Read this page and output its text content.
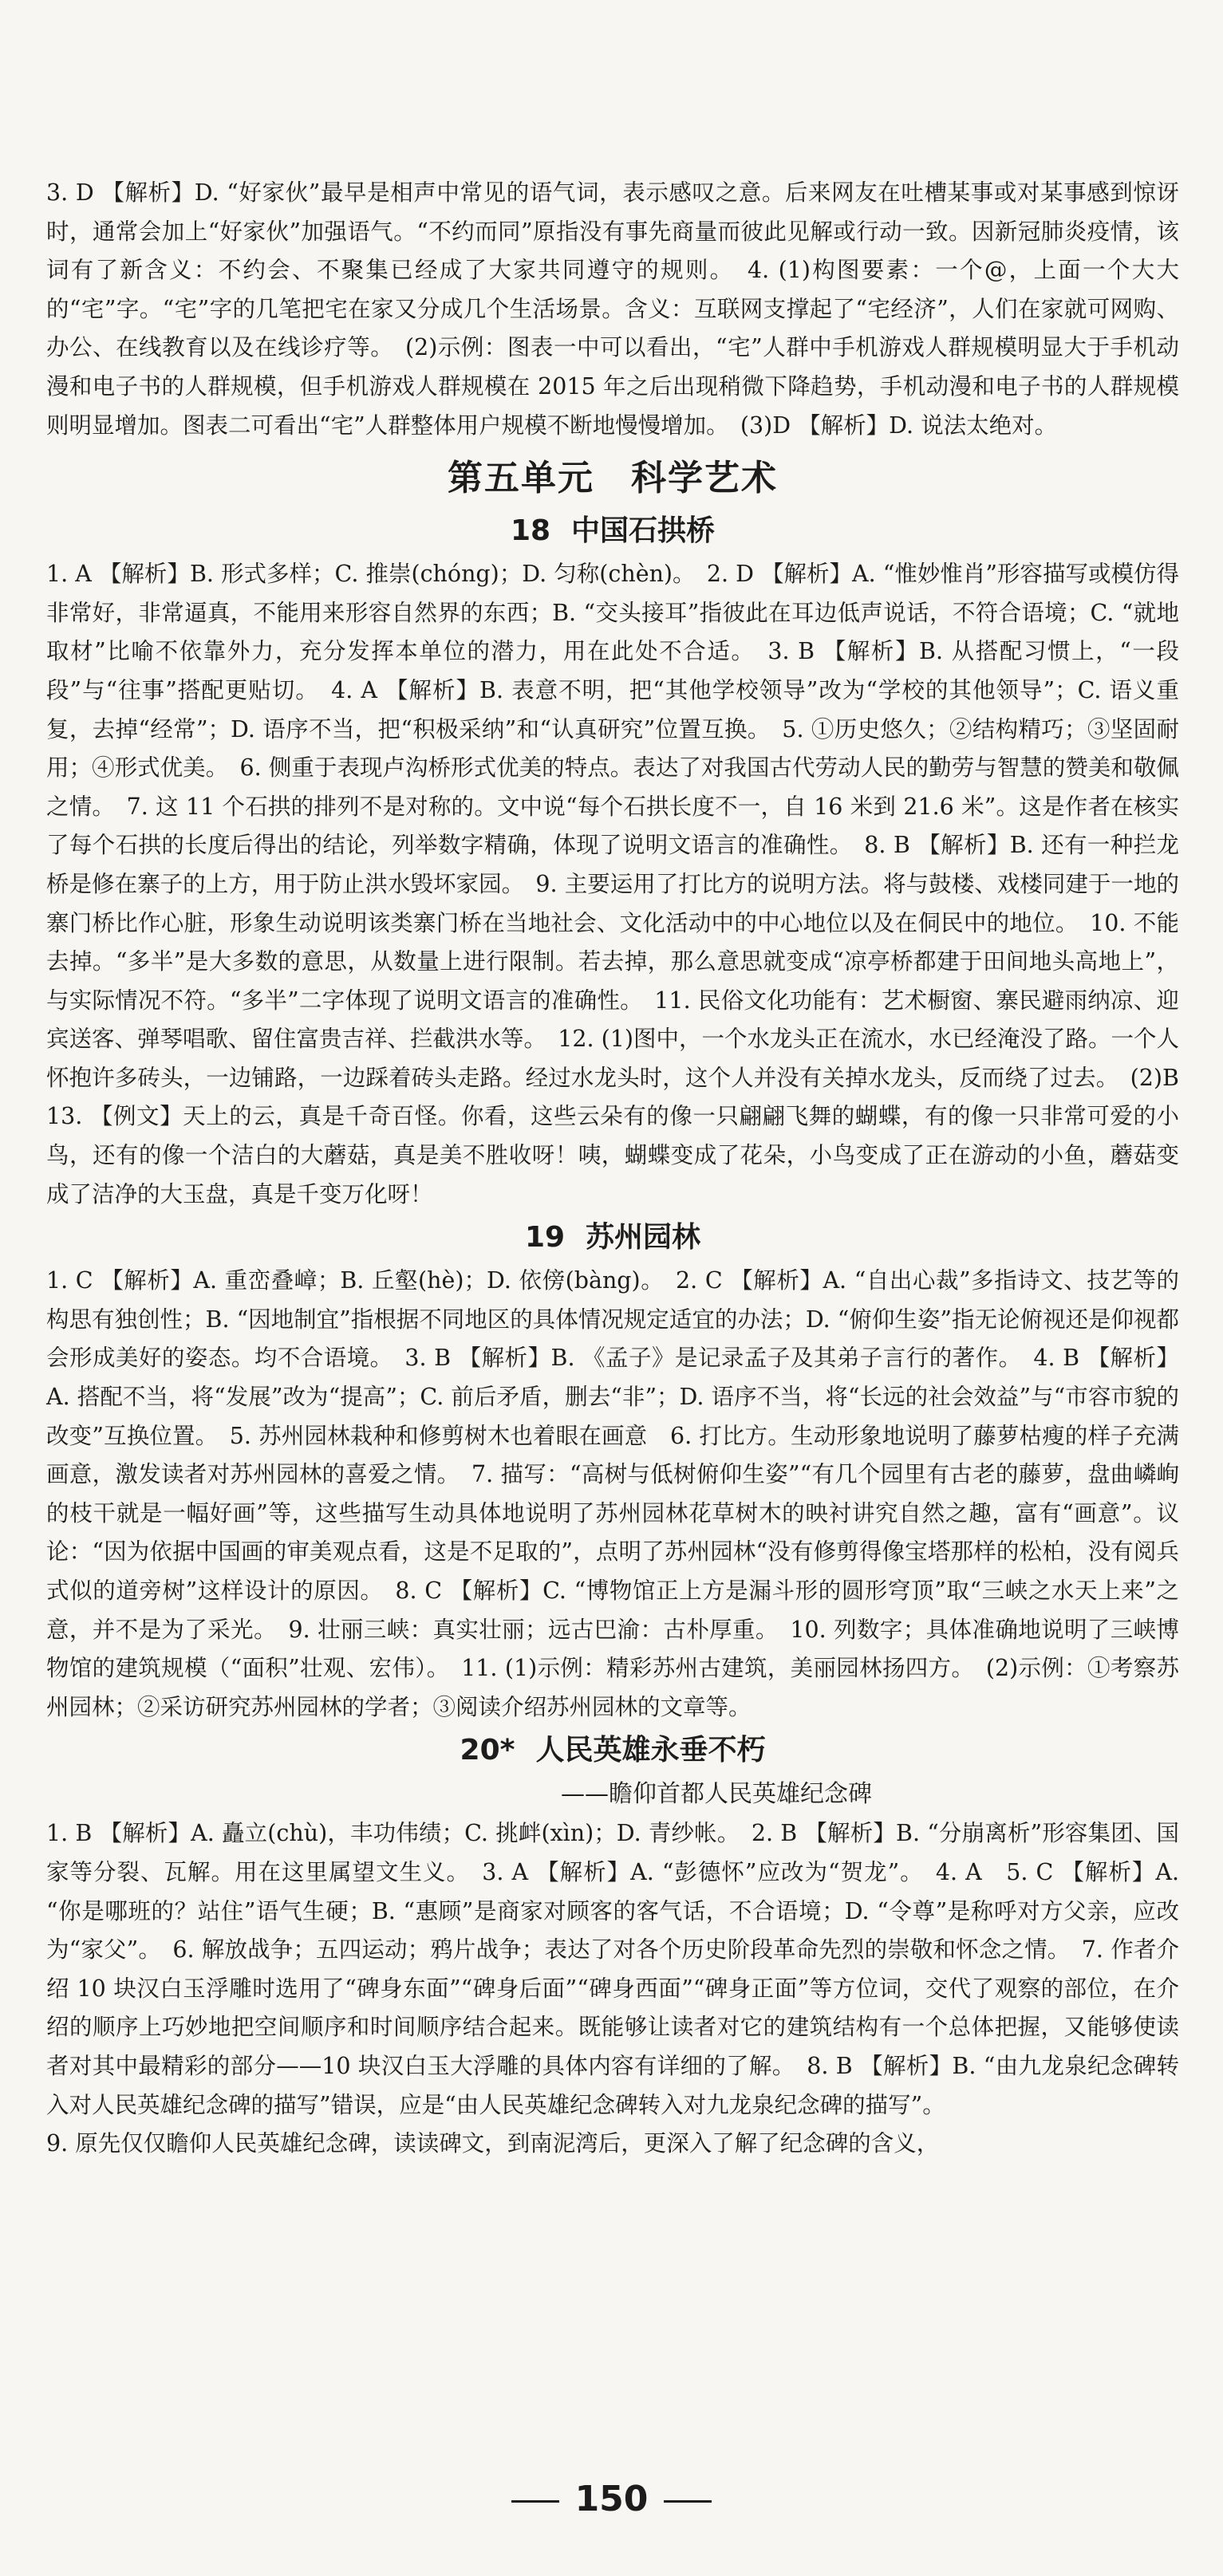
3. D 【解析】D. “好家伙”最早是相声中常见的语气词，表示感叹之意。后来网友在吐槽某事或对某事感到惊讶时，通常会加上“好家伙”加强语气。“不约而同”原指没有事先商量而彼此见解或行动一致。因新冠肺炎疫情，该词有了新含义：不约会、不聚集已经成了大家共同遵守的规则。　4. (1)构图要素：一个@，上面一个大大的“宅”字。“宅”字的几笔把宅在家又分成几个生活场景。含义：互联网支撑起了“宅经济”，人们在家就可网购、办公、在线教育以及在线诊疗等。　(2)示例：图表一中可以看出，“宅”人群中手机游戏人群规模明显大于手机动漫和电子书的人群规模，但手机游戏人群规模在 2015 年之后出现稍微下降趋势，手机动漫和电子书的人群规模则明显增加。图表二可看出“宅”人群整体用户规模不断地慢慢增加。　(3)D 【解析】D. 说法太绝对。

第五单元　科学艺术
18 中国石拱桥

1. A 【解析】B. 形式多样；C. 推崇(chóng)；D. 匀称(chèn)。　2. D 【解析】A. “惟妙惟肖”形容描写或模仿得非常好，非常逼真，不能用来形容自然界的东西；B. “交头接耳”指彼此在耳边低声说话，不符合语境；C. “就地取材”比喻不依靠外力，充分发挥本单位的潜力，用在此处不合适。　3. B 【解析】B. 从搭配习惯上，“一段段”与“往事”搭配更贴切。　4. A 【解析】B. 表意不明，把“其他学校领导”改为“学校的其他领导”；C. 语义重复，去掉“经常”；D. 语序不当，把“积极采纳”和“认真研究”位置互换。　5. ①历史悠久；②结构精巧；③坚固耐用；④形式优美。　6. 侧重于表现卢沟桥形式优美的特点。表达了对我国古代劳动人民的勤劳与智慧的赞美和敬佩之情。　7. 这 11 个石拱的排列不是对称的。文中说“每个石拱长度不一，自 16 米到 21.6 米”。这是作者在核实了每个石拱的长度后得出的结论，列举数字精确，体现了说明文语言的准确性。　8. B 【解析】B. 还有一种拦龙桥是修在寨子的上方，用于防止洪水毁坏家园。　9. 主要运用了打比方的说明方法。将与鼓楼、戏楼同建于一地的寨门桥比作心脏，形象生动说明该类寨门桥在当地社会、文化活动中的中心地位以及在侗民中的地位。　10. 不能去掉。“多半”是大多数的意思，从数量上进行限制。若去掉，那么意思就变成“凉亭桥都建于田间地头高地上”，与实际情况不符。“多半”二字体现了说明文语言的准确性。　11. 民俗文化功能有：艺术橱窗、寨民避雨纳凉、迎宾送客、弹琴唱歌、留住富贵吉祥、拦截洪水等。　12. (1)图中，一个水龙头正在流水，水已经淹没了路。一个人怀抱许多砖头，一边铺路，一边踩着砖头走路。经过水龙头时，这个人并没有关掉水龙头，反而绕了过去。　(2)B　13. 【例文】天上的云，真是千奇百怪。你看，这些云朵有的像一只翩翩飞舞的蝴蝶，有的像一只非常可爱的小鸟，还有的像一个洁白的大蘑菇，真是美不胜收呀！咦，蝴蝶变成了花朵，小鸟变成了正在游动的小鱼，蘑菇变成了洁净的大玉盘，真是千变万化呀！

19 苏州园林

1. C 【解析】A. 重峦叠嶂；B. 丘壑(hè)；D. 依傍(bàng)。　2. C 【解析】A. “自出心裁”多指诗文、技艺等的构思有独创性；B. “因地制宜”指根据不同地区的具体情况规定适宜的办法；D. “俯仰生姿”指无论俯视还是仰视都会形成美好的姿态。均不合语境。　3. B 【解析】B. 《孟子》是记录孟子及其弟子言行的著作。　4. B 【解析】A. 搭配不当，将“发展”改为“提高”；C. 前后矛盾，删去“非”；D. 语序不当，将“长远的社会效益”与“市容市貌的改变”互换位置。　5. 苏州园林栽种和修剪树木也着眼在画意　6. 打比方。生动形象地说明了藤萝枯瘦的样子充满画意，激发读者对苏州园林的喜爱之情。　7. 描写：“高树与低树俯仰生姿”“有几个园里有古老的藤萝，盘曲嶙峋的枝干就是一幅好画”等，这些描写生动具体地说明了苏州园林花草树木的映衬讲究自然之趣，富有“画意”。议论：“因为依据中国画的审美观点看，这是不足取的”，点明了苏州园林“没有修剪得像宝塔那样的松柏，没有阅兵式似的道旁树”这样设计的原因。　8. C 【解析】C. “博物馆正上方是漏斗形的圆形穹顶”取“三峡之水天上来”之意，并不是为了采光。　9. 壮丽三峡：真实壮丽；远古巴渝：古朴厚重。　10. 列数字；具体准确地说明了三峡博物馆的建筑规模（“面积”壮观、宏伟）。　11. (1)示例：精彩苏州古建筑，美丽园林扬四方。　(2)示例：①考察苏州园林；②采访研究苏州园林的学者；③阅读介绍苏州园林的文章等。

20* 人民英雄永垂不朽
——瞻仰首都人民英雄纪念碑

1. B 【解析】A. 矗立(chù)，丰功伟绩；C. 挑衅(xìn)；D. 青纱帐。　2. B 【解析】B. “分崩离析”形容集团、国家等分裂、瓦解。用在这里属望文生义。　3. A 【解析】A. “彭德怀”应改为“贺龙”。　4. A　5. C 【解析】A. “你是哪班的？站住”语气生硬；B. “惠顾”是商家对顾客的客气话，不合语境；D. “令尊”是称呼对方父亲，应改为“家父”。　6. 解放战争；五四运动；鸦片战争；表达了对各个历史阶段革命先烈的崇敬和怀念之情。　7. 作者介绍 10 块汉白玉浮雕时选用了“碑身东面”“碑身后面”“碑身西面”“碑身正面”等方位词，交代了观察的部位，在介绍的顺序上巧妙地把空间顺序和时间顺序结合起来。既能够让读者对它的建筑结构有一个总体把握，又能够使读者对其中最精彩的部分——10 块汉白玉大浮雕的具体内容有详细的了解。　8. B 【解析】B. “由九龙泉纪念碑转入对人民英雄纪念碑的描写”错误，应是“由人民英雄纪念碑转入对九龙泉纪念碑的描写”。

9. 原先仅仅瞻仰人民英雄纪念碑，读读碑文，到南泥湾后，更深入了解了纪念碑的含义，

150
